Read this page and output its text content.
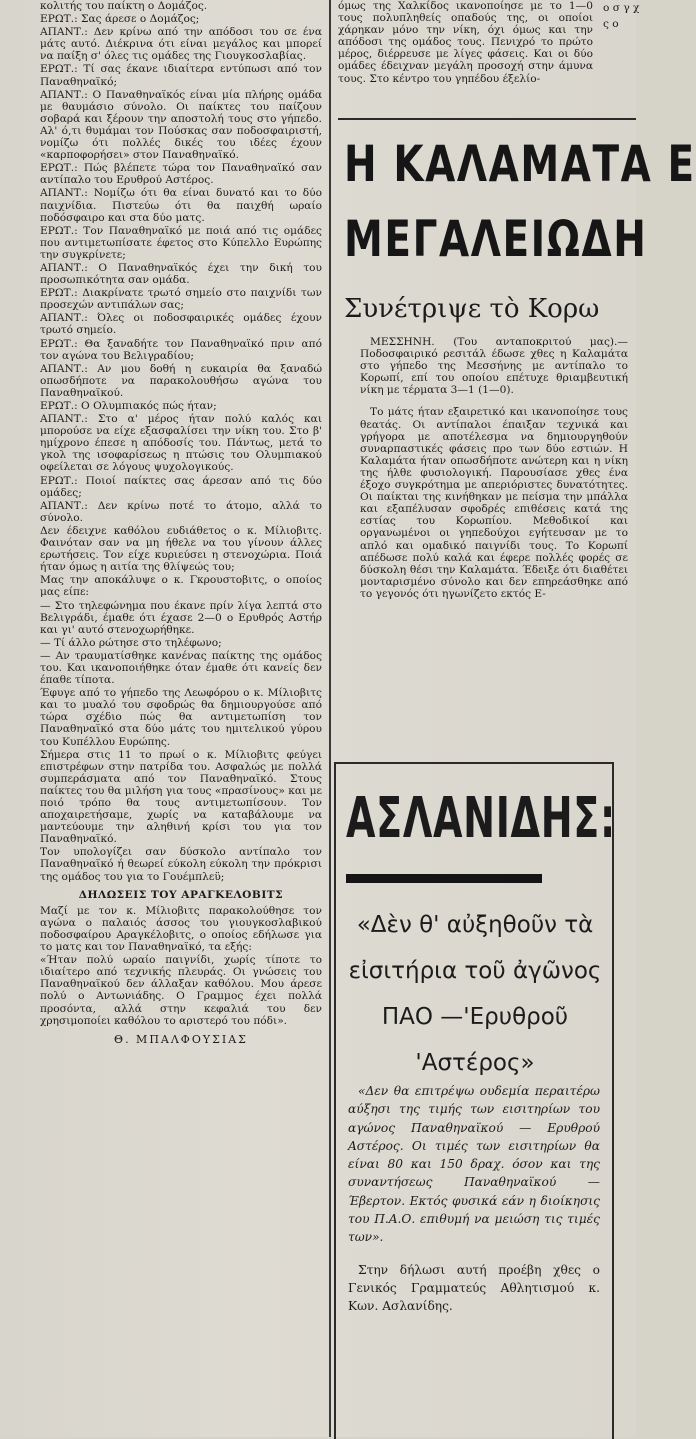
κολιτής του παίκτη ο Δομάζος.

ΕΡΩΤ.: Σας άρεσε ο Δομάζος;

ΑΠΑΝΤ.: Δεν κρίνω από την απόδοσι του σε ένα μάτς αυτό. Διέκρινα ότι είναι μεγάλος και μπορεί να παίξη σ' όλες τις ομάδες της Γιουγκοσλαβίας.

ΕΡΩΤ.: Τί σας έκανε ιδιαίτερα εντύπωσι από τον Παναθηναϊκό;

ΑΠΑΝΤ.: Ο Παναθηναϊκός είναι μία πλήρης ομάδα με θαυμάσιο σύνολο. Οι παίκτες του παίζουν σοβαρά και ξέρουν την αποστολή τους στο γήπεδο. Αλ' ό,τι θυμάμαι τον Πούσκας σαν ποδοσφαιριστή, νομίζω ότι πολλές δικές του ιδέες έχουν «καρποφορήσει» στον Παναθηναϊκό.

ΕΡΩΤ.: Πώς βλέπετε τώρα τον Παναθηναϊκό σαν αντίπαλο του Ερυθρού Αστέρος.

ΑΠΑΝΤ.: Νομίζω ότι θα είναι δυνατό και το δύο παιχνίδια. Πιστεύω ότι θα παιχθή ωραίο ποδόσφαιρο και στα δύο ματς.

ΕΡΩΤ.: Τον Παναθηναϊκό με ποιά από τις ομάδες που αντιμετωπίσατε έφετος στο Κύπελλο Ευρώπης την συγκρίνετε;

ΑΠΑΝΤ.: Ο Παναθηναϊκός έχει την δική του προσωπικότητα σαν ομάδα.

ΕΡΩΤ.: Διακρίνατε τρωτό σημείο στο παιχνίδι των προσεχών αντιπάλων σας;

ΑΠΑΝΤ.: Όλες οι ποδοσφαιρικές ομάδες έχουν τρωτό σημείο.

ΕΡΩΤ.: Θα ξαναδήτε τον Παναθηναϊκό πριν από τον αγώνα του Βελιγραδίου;

ΑΠΑΝΤ.: Αν μου δοθή η ευκαιρία θα ξαναδώ οπωσδήποτε να παρακολουθήσω αγώνα του Παναθηναϊκού.

ΕΡΩΤ.: Ο Ολυμπιακός πώς ήταν;

ΑΠΑΝΤ.: Στο α' μέρος ήταν πολύ καλός και μπορούσε να είχε εξασφαλίσει την νίκη του. Στο β' ημίχρονο έπεσε η απόδοσίς του. Πάντως, μετά το γκολ της ισοφαρίσεως η πτώσις του Ολυμπιακού οφείλεται σε λόγους ψυχολογικούς.

ΕΡΩΤ.: Ποιοί παίκτες σας άρεσαν από τις δύο ομάδες;

ΑΠΑΝΤ.: Δεν κρίνω ποτέ το άτομο, αλλά το σύνολο.

Δεν έδειχνε καθόλου ευδιάθετος ο κ. Μίλιοβιτς. Φαινόταν σαν να μη ήθελε να του γίνουν άλλες ερωτήσεις. Τον είχε κυριεύσει η στενοχώρια. Ποιά ήταν όμως η αιτία της θλίψεώς του;

Μας την αποκάλυψε ο κ. Γκρουστοβιτς, ο οποίος μας είπε:

— Στο τηλεφώνημα που έκανε πρίν λίγα λεπτά στο Βελιγράδι, έμαθε ότι έχασε 2—0 ο Ερυθρός Αστήρ και γι' αυτό στενοχωρήθηκε.

— Τί άλλο ρώτησε στο τηλέφωνο;

— Αν τραυματίσθηκε κανένας παίκτης της ομάδος του. Και ικανοποιήθηκε όταν έμαθε ότι κανείς δεν έπαθε τίποτα.

Έφυγε από το γήπεδο της Λεωφόρου ο κ. Μίλιοβιτς και το μυαλό του σφοδρώς θα δημιουργούσε από τώρα σχέδιο πώς θα αντιμετωπίση τον Παναθηναϊκό στα δύο μάτς του ημιτελικού γύρου του Κυπέλλου Ευρώπης.

Σήμερα στις 11 το πρωί ο κ. Μίλιοβιτς φεύγει επιστρέφων στην πατρίδα του. Ασφαλώς με πολλά συμπεράσματα από τον Παναθηναϊκό. Στους παίκτες του θα μιλήση για τους «πρασίνους» και με ποιό τρόπο θα τους αντιμετωπίσουν. Τον αποχαιρετήσαμε, χωρίς να καταβάλουμε να μαντεύουμε την αληθινή κρίσι του για τον Παναθηναϊκό.

Τον υπολογίζει σαν δύσκολο αντίπαλο τον Παναθηναϊκό ή θεωρεί εύκολη εύκολη την πρόκρισι της ομάδος του για το Γουέμπλεϋ;

ΔΗΛΩΣΕΙΣ ΤΟΥ ΑΡΑΓΚΕΛΟΒΙΤΣ

Μαζί με τον κ. Μίλιοβιτς παρακολούθησε τον αγώνα ο παλαιός άσσος του γιουγκοσλαβικού ποδοσφαίρου Αραγκέλοβιτς, ο οποίος εδήλωσε για το ματς και τον Παναθηναϊκό, τα εξής:

«Ήταν πολύ ωραίο παιγνίδι, χωρίς τίποτε το ιδιαίτερο από τεχνικής πλευράς. Οι γνώσεις του Παναθηναϊκού δεν άλλαξαν καθόλου. Μου άρεσε πολύ ο Αντωνιάδης. Ο Γραμμος έχει πολλά προσόντα, αλλά στην κεφαλιά του δεν χρησιμοποίει καθόλου το αριστερό του πόδι».

Θ. ΜΠΑΛΦΟΥΣΙΑΣ
όμως της Χαλκίδος ικανοποίησε με το 1—0 τους πολυπληθείς οπαδούς της, οι οποίοι χάρηκαν μόνο την νίκη, όχι όμως και την απόδοσι της ομάδος τους. Πενιχρό το πρώτο μέρος, διέρρευσε με λίγες φάσεις. Και οι δύο ομάδες έδειχναν μεγάλη προσοχή στην άμυνα τους. Στο κέντρο του γηπέδου έξελίο-
ο σ γ χ ς ο
Η ΚΑΛΑΜΑΤΑ Ε
ΜΕΓΑΛΕΙΩΔΗ
Συνέτριψε τὸ Κορω

ΜΕΣΣΗΝΗ. (Του ανταποκριτού μας).— Ποδοσφαιρικό ρεσιτάλ έδωσε χθες η Καλαμάτα στο γήπεδο της Μεσσήνης με αντίπαλο το Κορωπί, επί του οποίου επέτυχε θριαμβευτική νίκη με τέρματα 3—1 (1—0).

Το μάτς ήταν εξαιρετικό και ικανοποίησε τους θεατάς. Οι αντίπαλοι έπαιξαν τεχνικά και γρήγορα με αποτέλεσμα να δημιουργηθούν συναρπαστικές φάσεις προ των δύο εστιών. Η Καλαμάτα ήταν οπωσδήποτε ανώτερη και η νίκη της ήλθε φυσιολογική. Παρουσίασε χθες ένα έξοχο συγκρότημα με απεριόριστες δυνατότητες. Οι παίκται της κινήθηκαν με πείσμα την μπάλλα και εξαπέλυσαν σφοδρές επιθέσεις κατά της εστίας του Κορωπίου. Μεθοδικοί και οργανωμένοι οι γηπεδούχοι εγήτευσαν με το απλό και ομαδικό παιγνίδι τους. Το Κορωπί απέδωσε πολύ καλά και έφερε πολλές φορές σε δύσκολη θέσι την Καλαμάτα. Έδειξε ότι διαθέτει μονταρισμένο σύνολο και δεν επηρεάσθηκε από το γεγονός ότι ηγωνίζετο εκτός Ε-

ΑΣΛΑΝΙΔΗΣ:
«Δὲν θ' αὐξηθοῦν τὰ εἰσιτήρια τοῦ ἀγῶνος ΠΑΟ —'Ερυθροῦ 'Αστέρος»

«Δεν θα επιτρέψω ουδεμία περαιτέρω αύξησι της τιμής των εισιτηρίων του αγώνος Παναθηναϊκού — Ερυθρού Αστέρος. Οι τιμές των εισιτηρίων θα είναι 80 και 150 δραχ. όσον και της συναντήσεως Παναθηναϊκού — Έβερτον. Εκτός φυσικά εάν η διοίκησις του Π.Α.Ο. επιθυμή να μειώση τις τιμές των».

Στην δήλωσι αυτή προέβη χθες ο Γενικός Γραμματεύς Αθλητισμού κ. Κων. Ασλανίδης.
